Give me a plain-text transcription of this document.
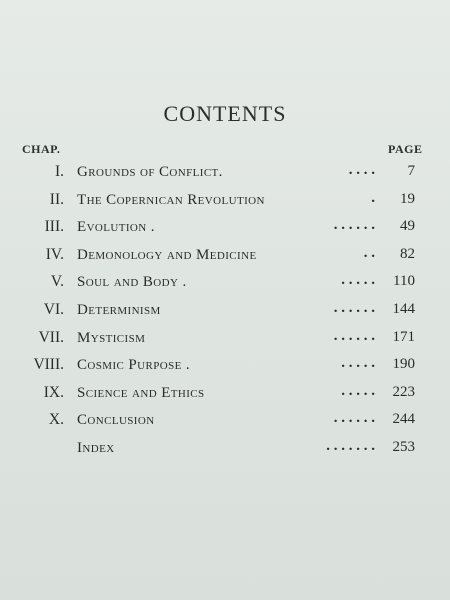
CONTENTS
CHAP.	PAGE
I. Grounds of Conflict.	. . . . 7
II. The Copernican Revolution	. 19
III. Evolution .	. . . . . . 49
IV. Demonology and Medicine	. . 82
V. Soul and Body .	. . . . . 110
VI. Determinism	. . . . . . 144
VII. Mysticism	. . . . . . 171
VIII. Cosmic Purpose .	. . . . . 190
IX. Science and Ethics	. . . . . 223
X. Conclusion	. . . . . . 244
Index	. . . . . . . 253
